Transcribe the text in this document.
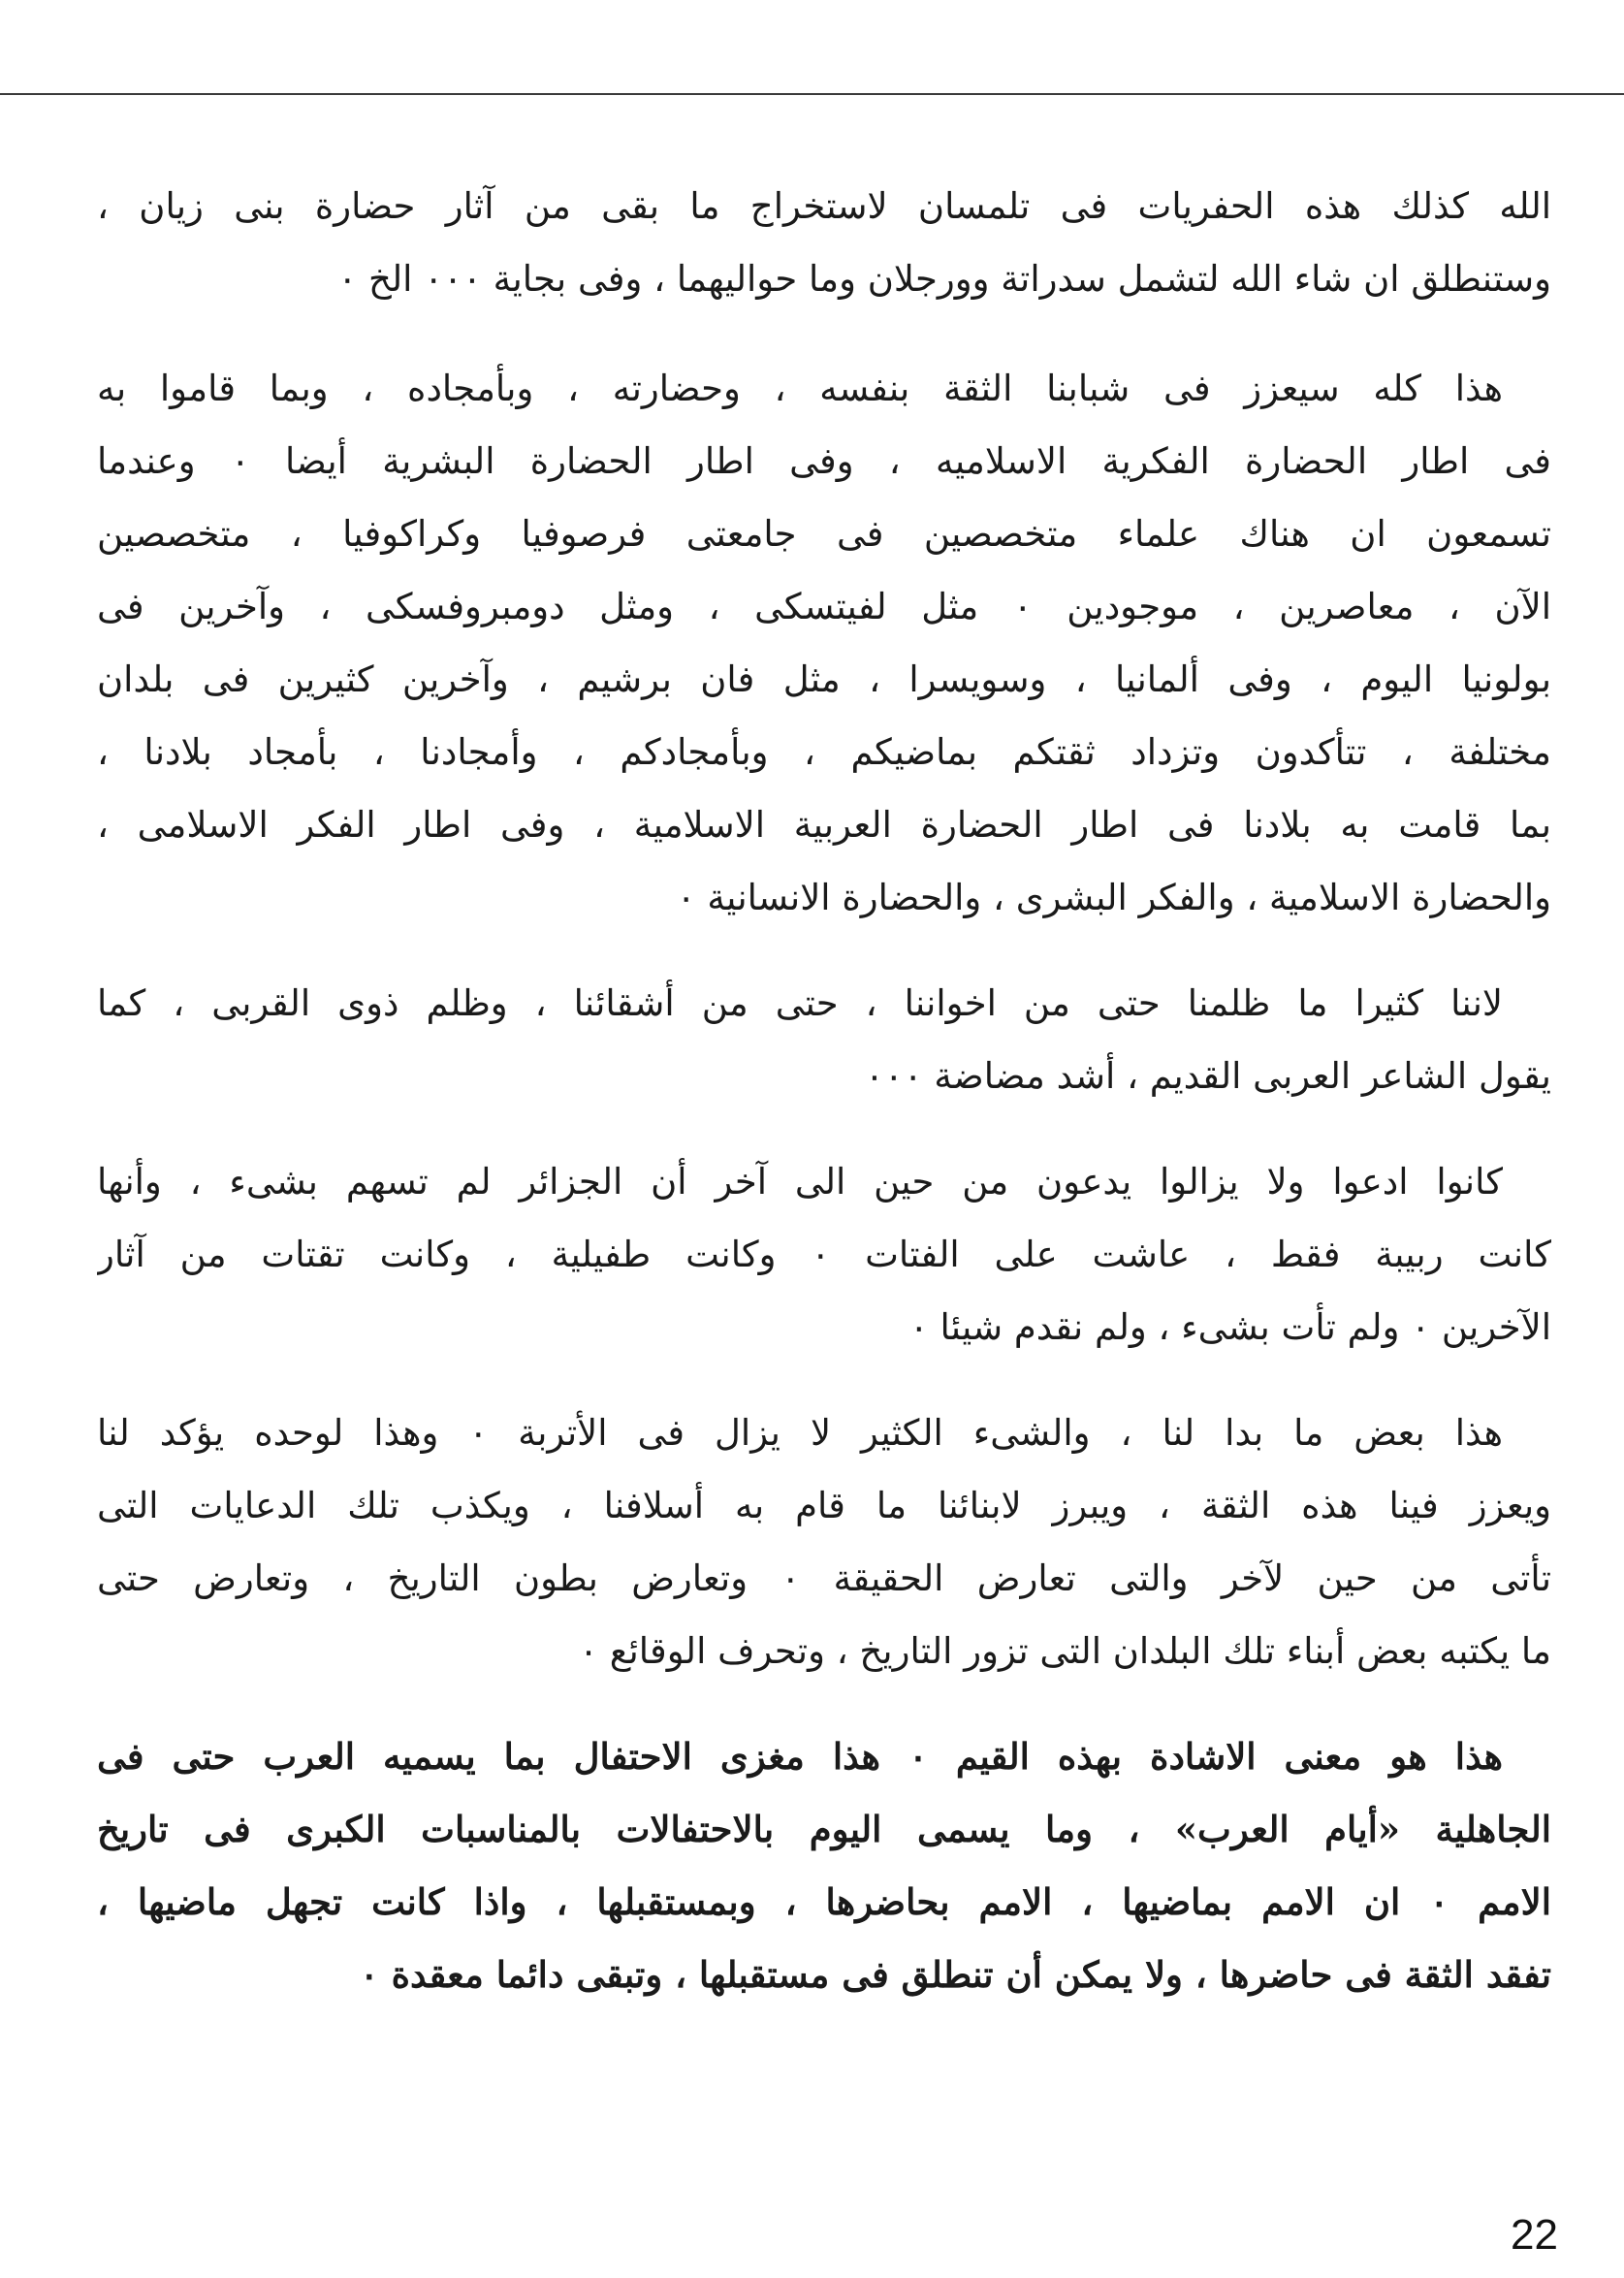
الله كذلك هذه الحفريات فى تلمسان لاستخراج ما بقى من آثار حضارة بنى زيان ،
وستنطلق ان شاء الله لتشمل سدراتة وورجلان وما حواليهما ، وفى بجاية ۰۰۰ الخ ۰
هذا كله سيعزز فى شبابنا الثقة بنفسه ، وحضارته ، وبأمجاده ، وبما قاموا به
فى اطار الحضارة الفكرية الاسلاميه ، وفى اطار الحضارة البشرية أيضا ۰ وعندما
تسمعون ان هناك علماء متخصصين فى جامعتى فرصوفيا وكراكوفيا ، متخصصين
الآن ، معاصرين ، موجودين ۰ مثل لفيتسكى ، ومثل دومبروفسكى ، وآخرين فى
بولونيا اليوم ، وفى ألمانيا ، وسويسرا ، مثل فان برشيم ، وآخرين كثيرين فى بلدان
مختلفة ، تتأكدون وتزداد ثقتكم بماضيكم ، وبأمجادكم ، وأمجادنا ، بأمجاد بلادنا ،
بما قامت به بلادنا فى اطار الحضارة العربية الاسلامية ، وفى اطار الفكر الاسلامى ،
والحضارة الاسلامية ، والفكر البشرى ، والحضارة الانسانية ۰
لاننا كثيرا ما ظلمنا حتى من اخواننا ، حتى من أشقائنا ، وظلم ذوى القربى ، كما
يقول الشاعر العربى القديم ، أشد مضاضة ۰۰۰
كانوا ادعوا ولا يزالوا يدعون من حين الى آخر أن الجزائر لم تسهم بشىء ، وأنها
كانت ربيبة فقط ، عاشت على الفتات ۰ وكانت طفيلية ، وكانت تقتات من آثار
الآخرين ۰ ولم تأت بشىء ، ولم نقدم شيئا ۰
هذا بعض ما بدا لنا ، والشىء الكثير لا يزال فى الأتربة ۰ وهذا لوحده يؤكد لنا
ويعزز فينا هذه الثقة ، ويبرز لابنائنا ما قام به أسلافنا ، ويكذب تلك الدعايات التى
تأتى من حين لآخر والتى تعارض الحقيقة ۰ وتعارض بطون التاريخ ، وتعارض حتى
ما يكتبه بعض أبناء تلك البلدان التى تزور التاريخ ، وتحرف الوقائع ۰
هذا هو معنى الاشادة بهذه القيم ۰ هذا مغزى الاحتفال بما يسميه العرب حتى فى
الجاهلية «أيام العرب» ، وما يسمى اليوم بالاحتفالات بالمناسبات الكبرى فى تاريخ
الامم ۰ ان الامم بماضيها ، الامم بحاضرها ، وبمستقبلها ، واذا كانت تجهل ماضيها ،
تفقد الثقة فى حاضرها ، ولا يمكن أن تنطلق فى مستقبلها ، وتبقى دائما معقدة ۰
22
